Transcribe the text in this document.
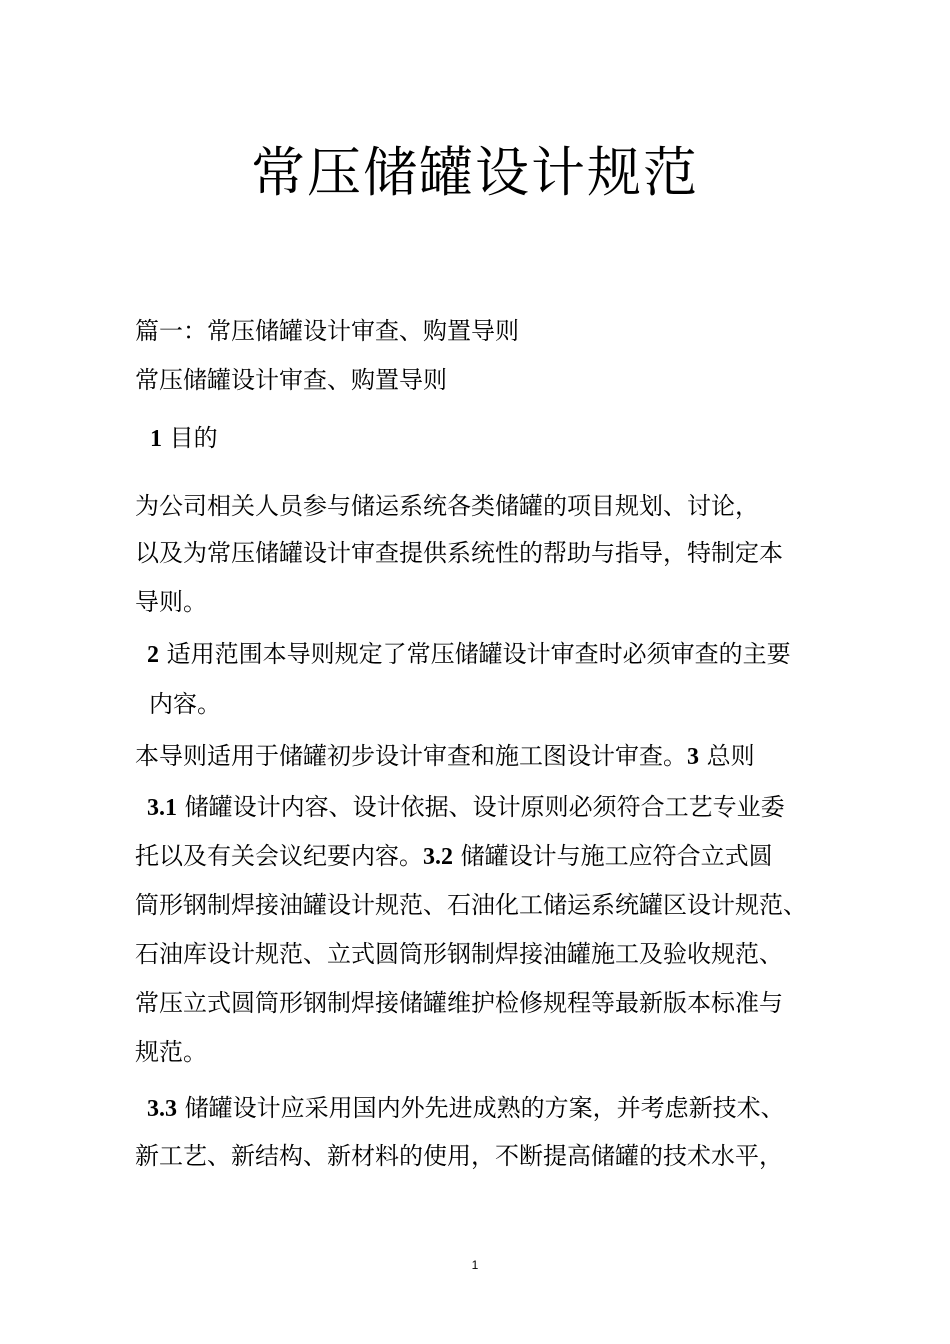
常压储罐设计规范

篇一：常压储罐设计审查、购置导则

常压储罐设计审查、购置导则

1 目的

为公司相关人员参与储运系统各类储罐的项目规划、讨论，

以及为常压储罐设计审查提供系统性的帮助与指导，特制定本

导则。

2 适用范围本导则规定了常压储罐设计审查时必须审查的主要

内容。

本导则适用于储罐初步设计审查和施工图设计审查。3 总则

3.1 储罐设计内容、设计依据、设计原则必须符合工艺专业委

托以及有关会议纪要内容。3.2 储罐设计与施工应符合立式圆

筒形钢制焊接油罐设计规范、石油化工储运系统罐区设计规范、

石油库设计规范、立式圆筒形钢制焊接油罐施工及验收规范、

常压立式圆筒形钢制焊接储罐维护检修规程等最新版本标准与

规范。

3.3 储罐设计应采用国内外先进成熟的方案，并考虑新技术、

新工艺、新结构、新材料的使用，不断提高储罐的技术水平，

1
